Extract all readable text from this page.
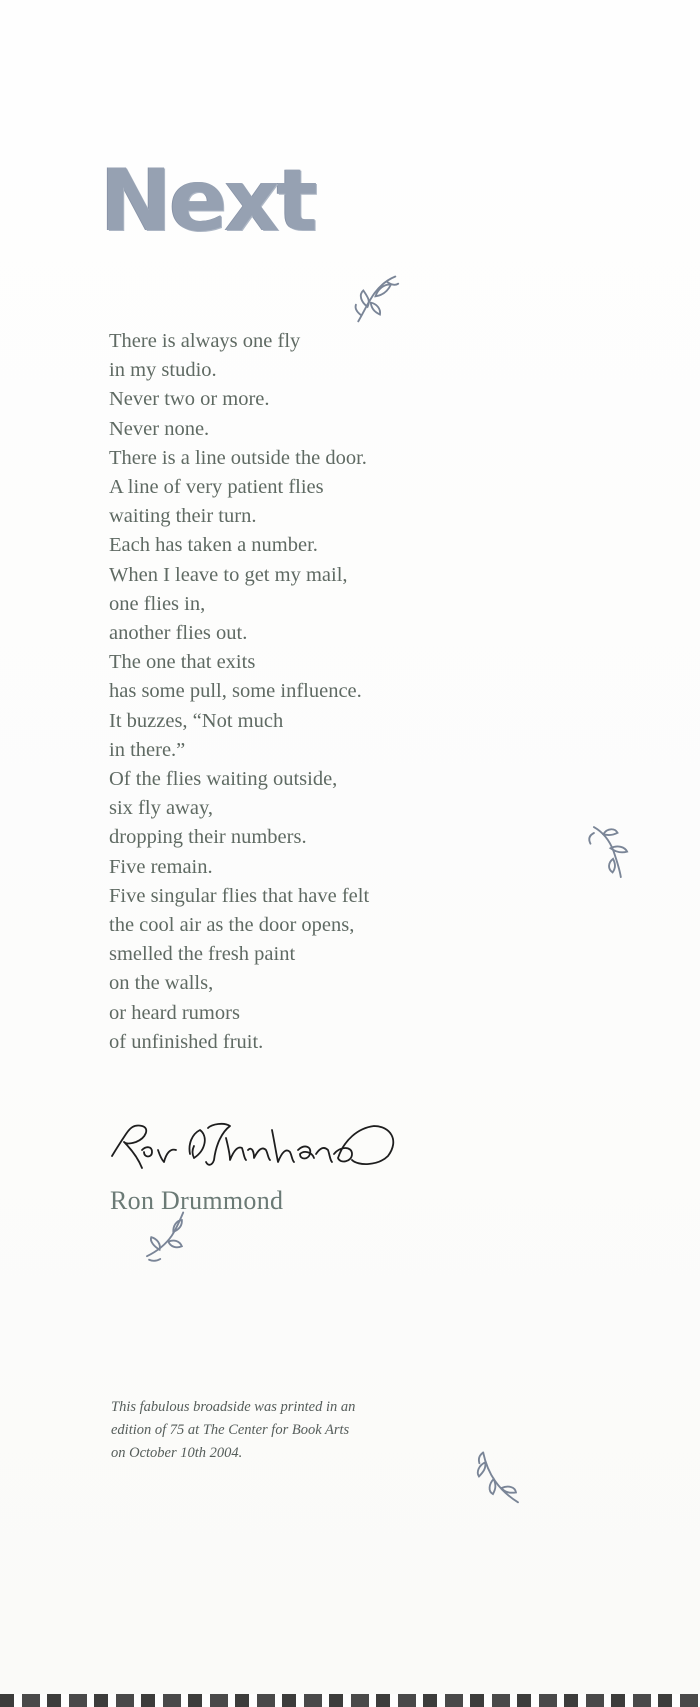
Next
There is always one fly
in my studio.
Never two or more.
Never none.
There is a line outside the door.
A line of very patient flies
waiting their turn.
Each has taken a number.
When I leave to get my mail,
one flies in,
another flies out.
The one that exits
has some pull, some influence.
It buzzes, “Not much
in there.”
Of the flies waiting outside,
six fly away,
dropping their numbers.
Five remain.
Five singular flies that have felt
the cool air as the door opens,
smelled the fresh paint
on the walls,
or heard rumors
of unfinished fruit.
Ron Drummond
This fabulous broadside was printed in an
edition of 75 at The Center for Book Arts
on October 10th 2004.
